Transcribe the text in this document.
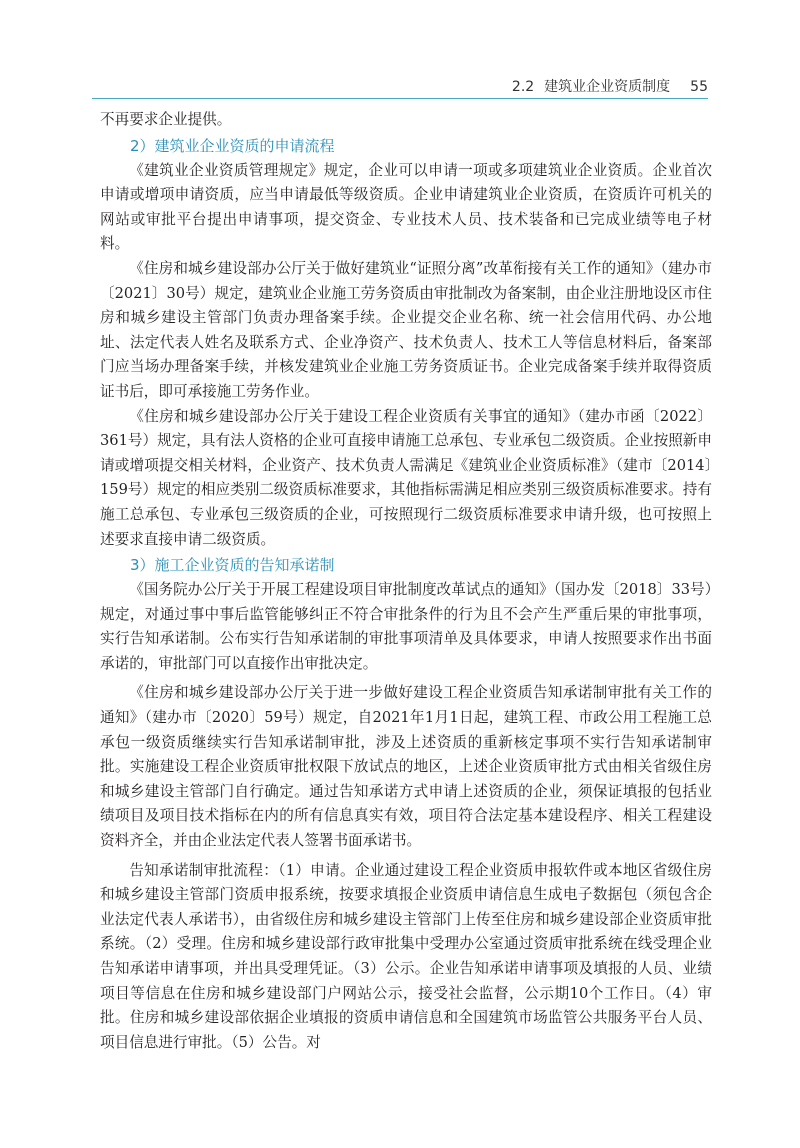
2.2 建筑业企业资质制度 55

不再要求企业提供。

2）建筑业企业资质的申请流程

《建筑业企业资质管理规定》规定，企业可以申请一项或多项建筑业企业资质。企业首次申请或增项申请资质，应当申请最低等级资质。企业申请建筑业企业资质，在资质许可机关的网站或审批平台提出申请事项，提交资金、专业技术人员、技术装备和已完成业绩等电子材料。

《住房和城乡建设部办公厅关于做好建筑业“证照分离”改革衔接有关工作的通知》（建办市〔2021〕30号）规定，建筑业企业施工劳务资质由审批制改为备案制，由企业注册地设区市住房和城乡建设主管部门负责办理备案手续。企业提交企业名称、统一社会信用代码、办公地址、法定代表人姓名及联系方式、企业净资产、技术负责人、技术工人等信息材料后，备案部门应当场办理备案手续，并核发建筑业企业施工劳务资质证书。企业完成备案手续并取得资质证书后，即可承接施工劳务作业。

《住房和城乡建设部办公厅关于建设工程企业资质有关事宜的通知》（建办市函〔2022〕361号）规定，具有法人资格的企业可直接申请施工总承包、专业承包二级资质。企业按照新申请或增项提交相关材料，企业资产、技术负责人需满足《建筑业企业资质标准》（建市〔2014〕159号）规定的相应类别二级资质标准要求，其他指标需满足相应类别三级资质标准要求。持有施工总承包、专业承包三级资质的企业，可按照现行二级资质标准要求申请升级，也可按照上述要求直接申请二级资质。

3）施工企业资质的告知承诺制

《国务院办公厅关于开展工程建设项目审批制度改革试点的通知》（国办发〔2018〕33号）规定，对通过事中事后监管能够纠正不符合审批条件的行为且不会产生严重后果的审批事项，实行告知承诺制。公布实行告知承诺制的审批事项清单及具体要求，申请人按照要求作出书面承诺的，审批部门可以直接作出审批决定。

《住房和城乡建设部办公厅关于进一步做好建设工程企业资质告知承诺制审批有关工作的通知》（建办市〔2020〕59号）规定，自2021年1月1日起，建筑工程、市政公用工程施工总承包一级资质继续实行告知承诺制审批，涉及上述资质的重新核定事项不实行告知承诺制审批。实施建设工程企业资质审批权限下放试点的地区，上述企业资质审批方式由相关省级住房和城乡建设主管部门自行确定。通过告知承诺方式申请上述资质的企业，须保证填报的包括业绩项目及项目技术指标在内的所有信息真实有效，项目符合法定基本建设程序、相关工程建设资料齐全，并由企业法定代表人签署书面承诺书。

告知承诺制审批流程：（1）申请。企业通过建设工程企业资质申报软件或本地区省级住房和城乡建设主管部门资质申报系统，按要求填报企业资质申请信息生成电子数据包（须包含企业法定代表人承诺书），由省级住房和城乡建设主管部门上传至住房和城乡建设部企业资质审批系统。（2）受理。住房和城乡建设部行政审批集中受理办公室通过资质审批系统在线受理企业告知承诺申请事项，并出具受理凭证。（3）公示。企业告知承诺申请事项及填报的人员、业绩项目等信息在住房和城乡建设部门户网站公示，接受社会监督，公示期10个工作日。（4）审批。住房和城乡建设部依据企业填报的资质申请信息和全国建筑市场监管公共服务平台人员、项目信息进行审批。（5）公告。对
